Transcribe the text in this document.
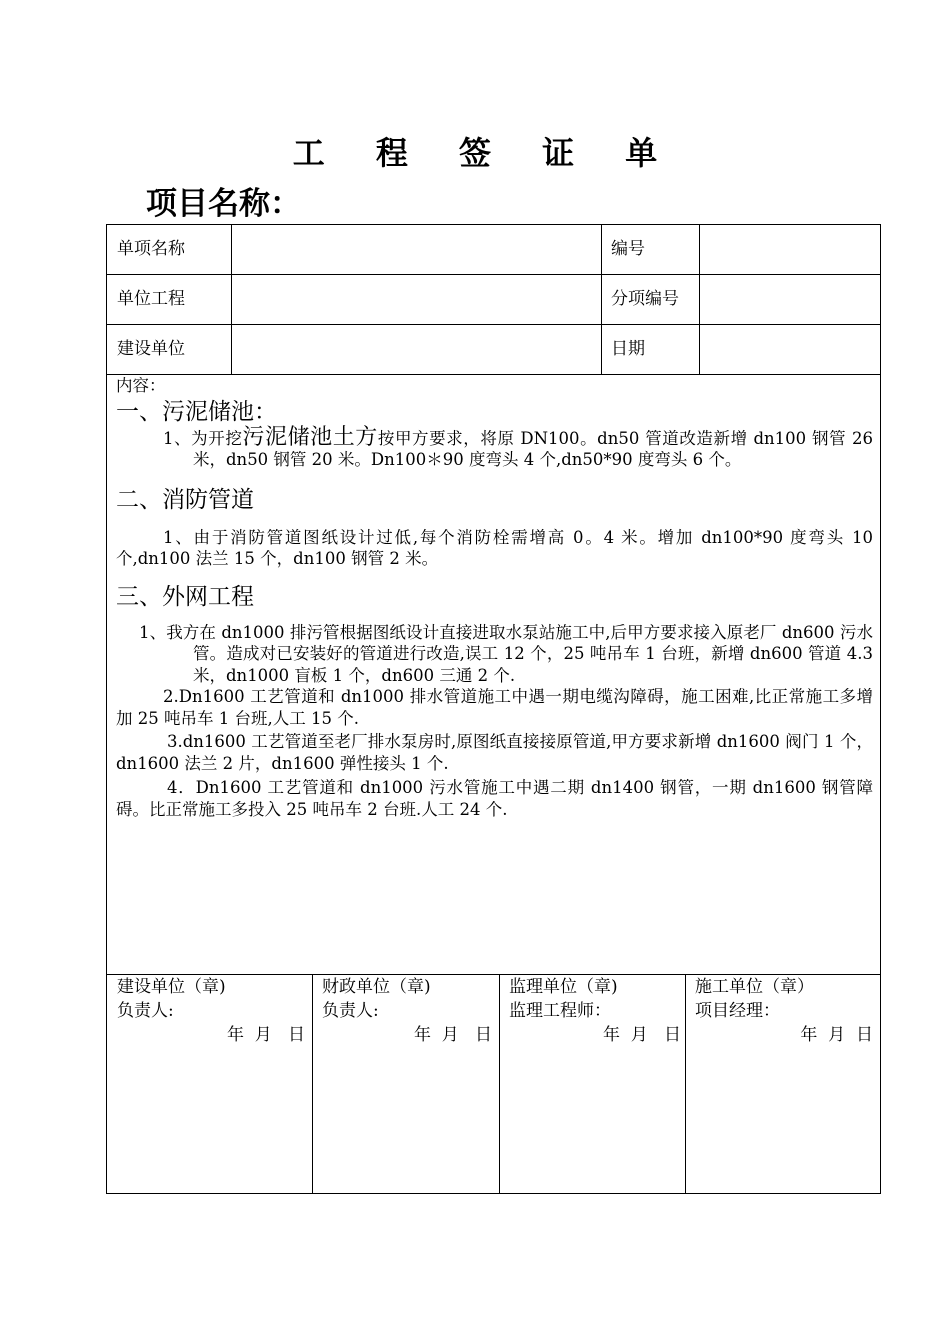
工 程 签 证 单
项目名称：
单项名称	编号
单位工程	分项编号
建设单位	日期

内容：

一、污泥储池：

1、为开挖污泥储池土方按甲方要求，将原 DN100。dn50 管道改造新增 dn100 钢管 26 米，dn50 钢管 20 米。Dn100＊90 度弯头 4 个,dn50*90 度弯头 6 个。

二、消防管道

1、由于消防管道图纸设计过低,每个消防栓需增高 0。4 米。增加 dn100*90 度弯头 10 个,dn100 法兰 15 个，dn100 钢管 2 米。

三、外网工程

1、我方在 dn1000 排污管根据图纸设计直接进取水泵站施工中,后甲方要求接入原老厂 dn600 污水管。造成对已安装好的管道进行改造,误工 12 个，25 吨吊车 1 台班，新增 dn600 管道 4.3 米，dn1000 盲板 1 个，dn600 三通 2 个.

2.Dn1600 工艺管道和 dn1000 排水管道施工中遇一期电缆沟障碍，施工困难,比正常施工多增加 25 吨吊车 1 台班,人工 15 个.

3.dn1600 工艺管道至老厂排水泵房时,原图纸直接接原管道,甲方要求新增 dn1600 阀门 1 个，dn1600 法兰 2 片，dn1600 弹性接头 1 个.

4．Dn1600 工艺管道和 dn1000 污水管施工中遇二期 dn1400 钢管，一期 dn1600 钢管障碍。比正常施工多投入 25 吨吊车 2 台班.人工 24 个.

建设单位（章)
负责人:
年  月   日
财政单位（章)
负责人:
年  月   日
监理单位（章)
监理工程师：
年  月   日
施工单位（章）
项目经理：
年  月  日
